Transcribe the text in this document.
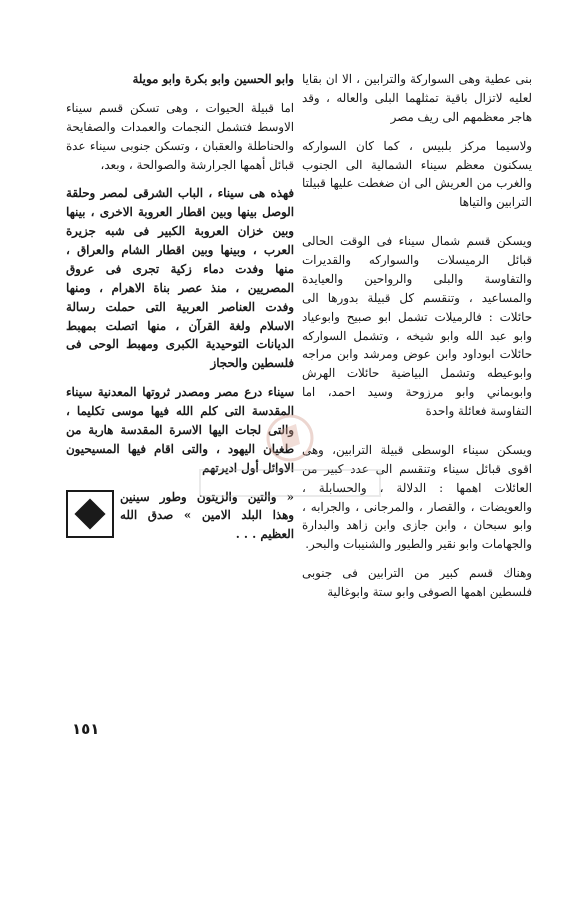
بنى عطية وهى السواركة والترابين ، الا ان بقايا لعليه لاتزال باقية تمثلهما البلى والعاله ، وقد هاجر معظمهم الى ريف مصر

ولاسيما مركز بلبيس ، كما كان السواركه يسكنون معظم سيناء الشمالية الى الجنوب والغرب من العريش الى ان ضغطت عليها قبيلتا الترابين والتياها

ويسكن قسم شمال سيناء فى الوقت الحالى قبائل الرميسلات والسواركه والقديرات والتفاوسة والبلى والرواحين والعيايدة والمساعيد ، وتنقسم كل قبيلة بدورها الى حائلات : فالرميلات تشمل ابو صبيح وابوعياد وابو عبد الله وابو شيخه ، وتشمل السواركه حائلات ابوداود وابن عوض ومرشد وابن مراجه وابوعيطه وتشمل البياضية حائلات الهرش وابوبماني وابو مرزوحة وسيد احمد، اما التفاوسة فعائلة واحدة

ويسكن سيناء الوسطى قبيلة الترابين، وهى اقوى قبائل سيناء وتنقسم الى عدد كبير من العائلات اهمها : الدلالة ، والحسابلة ، والعويضات ، والقصار ، والمرجانى ، والجرابه ، وابو سبحان ، وابن جازى وابن زاهد والبدارة والجهامات وابو نقير والطيور والشنيبات والبحر.

وهناك قسم كبير من الترابين فى جنوبى فلسطين اهمها الصوفى وابو ستة وابوغالية

وابو الحسين وابو بكرة وابو مويلة

اما قبيلة الحيوات ، وهى تسكن قسم سيناء الاوسط فتشمل النجمات والعمدات والصفايحة والحناطلة والعقبان ، وتسكن جنوبى سيناء عدة قبائل أهمها الجرارشة والصوالحة ، وبعد،

فهذه هى سيناء ، الباب الشرقى لمصر وحلقة الوصل بينها وبين اقطار العروبة الاخرى ، بينها وبين خزان العروبة الكبير فى شبه جزيرة العرب ، وبينها وبين اقطار الشام والعراق ، منها وفدت دماء زكية تجرى فى عروق المصريين ، منذ عصر بناة الاهرام ، ومنها وفدت العناصر العربية التى حملت رسالة الاسلام ولغة القرآن ، منها اتصلت بمهبط الديانات التوحيدية الكبرى ومهبط الوحى فى فلسطين والحجاز

سيناء درع مصر ومصدر ثروتها المعدنية سيناء المقدسة التى كلم الله فيها موسى تكليما ، والتى لجات اليها الاسرة المقدسة هاربة من طغيان اليهود ، والتى اقام فيها المسيحيون الاوائل أول اديرتهم

« والتين والزيتون وطور سينين وهذا البلد الامين » صدق الله العظيم . . .

١٥١
